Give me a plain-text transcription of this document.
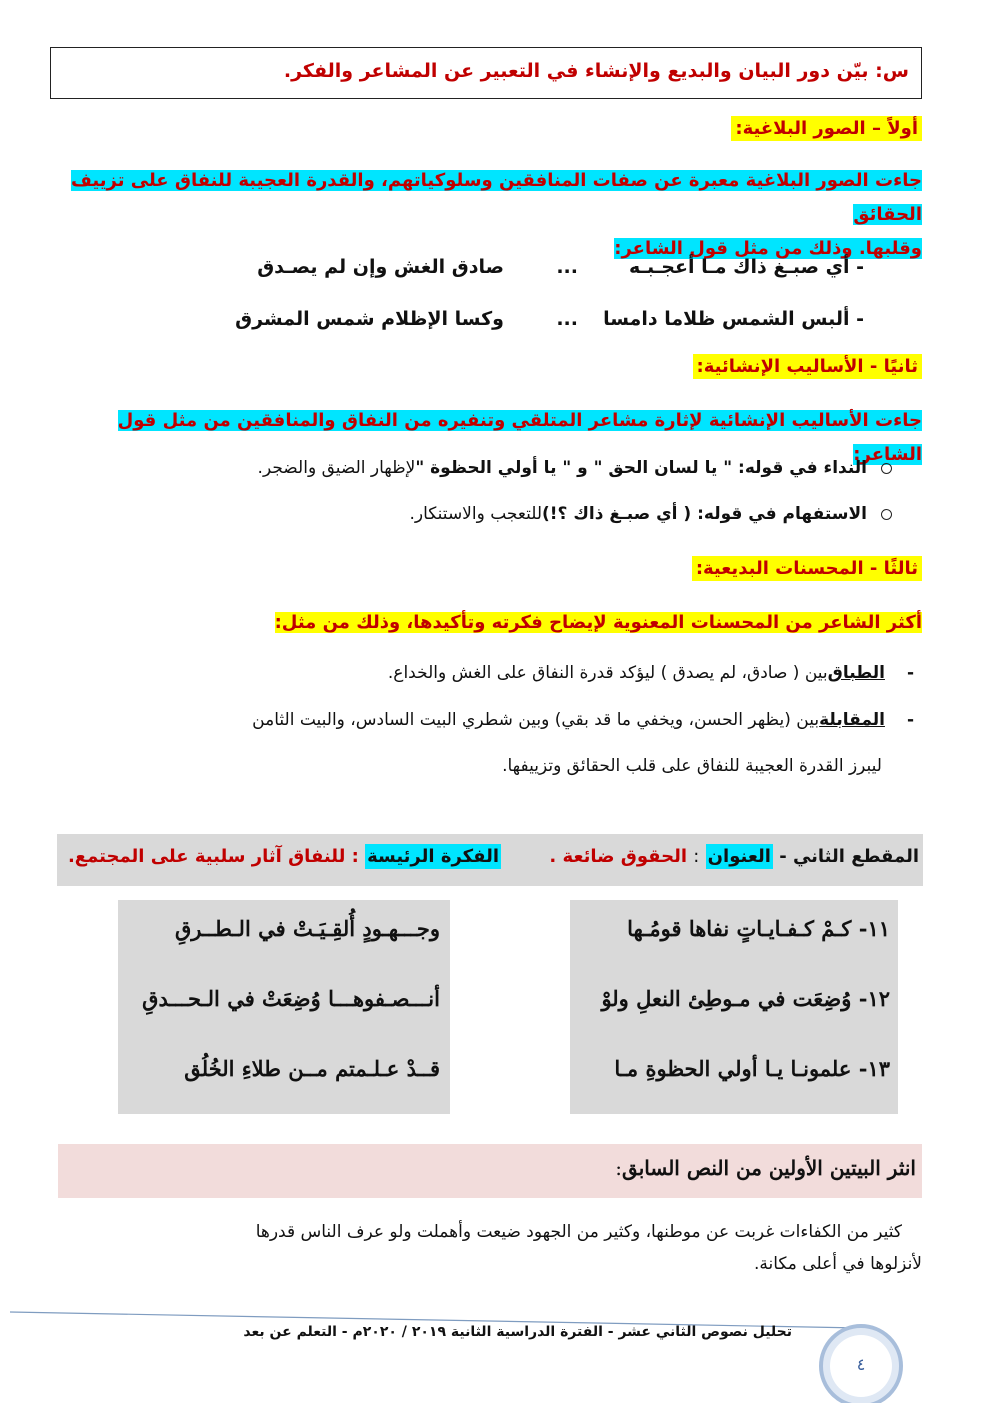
س: بيّن دور البيان والبديع والإنشاء في التعبير عن المشاعر والفكر.
أولاً – الصور البلاغية:
جاءت الصور البلاغية معبرة عن صفات المنافقين وسلوكياتهم، والقدرة العجيبة للنفاق على تزييف الحقائق
وقلبها. وذلك من مثل قول الشاعر:
- أي صبـغ ذاك مـا أعجـبـه
...
صادق الغش وإن لم يصـدق
- ألبس الشمس ظلاما دامسا
...
وكسا الإظلام شمس المشرق
ثانيًا - الأساليب الإنشائية:
جاءت الأساليب الإنشائية لإثارة مشاعر المتلقي وتنفيره من النفاق والمنافقين من مثل قول الشاعر:
النداء في قوله: " يا لسان الحق " و " يا أولي الحظوة "
لإظهار الضيق والضجر.
الاستفهام في قوله: ( أي صبـغ ذاك ؟!)
للتعجب والاستنكار.
ثالثًا - المحسنات البديعية:
أكثر الشاعر من المحسنات المعنوية لإيضاح فكرته وتأكيدها، وذلك من مثل:
-
الطباق
بين ( صادق، لم يصدق ) ليؤكد قدرة النفاق على الغش والخداع.
-
المقابلة
بين (يظهر الحسن، ويخفي ما قد بقي) وبين شطري البيت السادس، والبيت الثامن
ليبرز القدرة العجيبة للنفاق على قلب الحقائق وتزييفها.
المقطع الثاني - العنوان : الحقوق ضائعة .
الفكرة الرئيسة : للنفاق آثار سلبية على المجتمع.
١١- كـمْ كـفـايـاتٍ نفاها قومُـها
١٢- وُضِعَت في مـوطِئ النعلِ ولوْ
١٣- علمونـا يـا أولي الحظوةِ مـا
وجـــهـودٍ أُلقِـيَـتْ في الـطــرقِ
أنـــصـفوهـــا وُضِعَتْ في الـحـــدقِ
قــدْ عـلـمتم مــن طلاءِ الخُلُق
انثر البيتين الأولين من النص السابق:
كثير من الكفاءات غربت عن موطنها، وكثير من الجهود ضيعت وأهملت ولو عرف الناس قدرها
لأنزلوها في أعلى مكانة.
تحليل نصوص الثاني عشر - الفترة الدراسية الثانية ٢٠١٩ / ٢٠٢٠م - التعلم عن بعد
٤
